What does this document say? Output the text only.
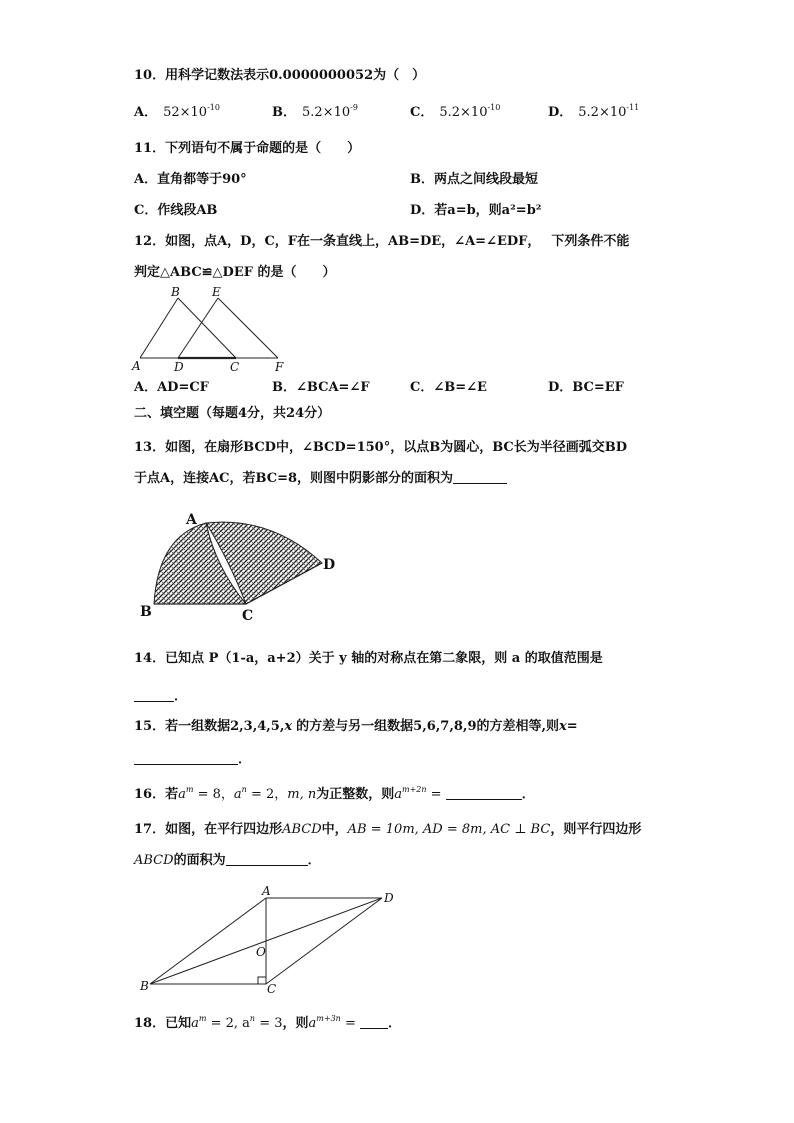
10．用科学记数法表示0.0000000052为（　）
A． $52\times 10^{-10}$	B． $5.2\times 10^{-9}$	C． $5.2\times 10^{-10}$	D． $5.2\times 10^{-11}$
11．下列语句不属于命题的是（　　）
A．直角都等于90°	B．两点之间线段最短
C．作线段AB	D．若a=b，则a²=b²
12．如图，点A，D，C，F在一条直线上，AB=DE，∠A=∠EDF，　 下列条件不能
判定△ABC≌△DEF 的是（　　）
A
B	E
D	C	F
A．AD=CF	B．∠BCA=∠F	C．∠B=∠E	D．BC=EF
二、填空题（每题4分，共24分）
13．如图，在扇形BCD中，∠BCD=150°，以点B为圆心，BC长为半径画弧交BD
于点A，连接AC，若BC=8，则图中阴影部分的面积为
A
B	C
D
14．已知点 P（1-a，a+2）关于 y 轴的对称点在第二象限，则 a 的取值范围是
．
15．若一组数据2,3,4,5,x 的方差与另一组数据5,6,7,8,9的方差相等,则x=
．
16．若$a^m = 8$，$a^n = 2$，m, n为正整数，则$a^{m+2n}$ =	．
17．如图，在平行四边形ABCD中，AB = 10m, AD = 8m, AC ⊥ BC，则平行四边形
ABCD的面积为	．
A	D
O
B	C
18．已知$a^m = 2$, $a^n = 3$，则$a^{m+3n}$ = ．
